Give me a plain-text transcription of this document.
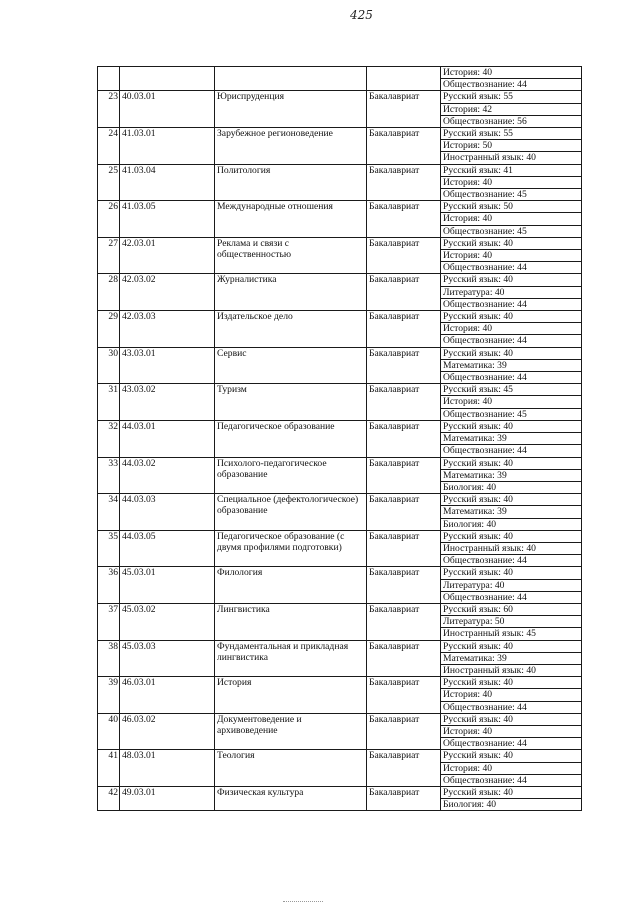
425
				История: 40
				Обществознание: 44
23	40.03.01	Юриспруденция	Бакалавриат	Русский язык: 55
				История: 42
				Обществознание: 56
24	41.03.01	Зарубежное регионоведение	Бакалавриат	Русский язык: 55
				История: 50
				Иностранный язык: 40
25	41.03.04	Политология	Бакалавриат	Русский язык: 41
				История: 40
				Обществознание: 45
26	41.03.05	Международные отношения	Бакалавриат	Русский язык: 50
				История: 40
				Обществознание: 45
27	42.03.01	Реклама и связи с общественностью	Бакалавриат	Русский язык: 40
				История: 40
				Обществознание: 44
28	42.03.02	Журналистика	Бакалавриат	Русский язык: 40
				Литература: 40
				Обществознание: 44
29	42.03.03	Издательское дело	Бакалавриат	Русский язык: 40
				История: 40
				Обществознание: 44
30	43.03.01	Сервис	Бакалавриат	Русский язык: 40
				Математика: 39
				Обществознание: 44
31	43.03.02	Туризм	Бакалавриат	Русский язык: 45
				История: 40
				Обществознание: 45
32	44.03.01	Педагогическое образование	Бакалавриат	Русский язык: 40
				Математика: 39
				Обществознание: 44
33	44.03.02	Психолого-педагогическое образование	Бакалавриат	Русский язык: 40
				Математика: 39
				Биология: 40
34	44.03.03	Специальное (дефектологическое) образование	Бакалавриат	Русский язык: 40
				Математика: 39
				Биология: 40
35	44.03.05	Педагогическое образование (с двумя профилями подготовки)	Бакалавриат	Русский язык: 40
				Иностранный язык: 40
				Обществознание: 44
36	45.03.01	Филология	Бакалавриат	Русский язык: 40
				Литература: 40
				Обществознание: 44
37	45.03.02	Лингвистика	Бакалавриат	Русский язык: 60
				Литература: 50
				Иностранный язык: 45
38	45.03.03	Фундаментальная и прикладная лингвистика	Бакалавриат	Русский язык: 40
				Математика: 39
				Иностранный язык: 40
39	46.03.01	История	Бакалавриат	Русский язык: 40
				История: 40
				Обществознание: 44
40	46.03.02	Документоведение и архивоведение	Бакалавриат	Русский язык: 40
				История: 40
				Обществознание: 44
41	48.03.01	Теология	Бакалавриат	Русский язык: 40
				История: 40
				Обществознание: 44
42	49.03.01	Физическая культура	Бакалавриат	Русский язык: 40
				Биология: 40
